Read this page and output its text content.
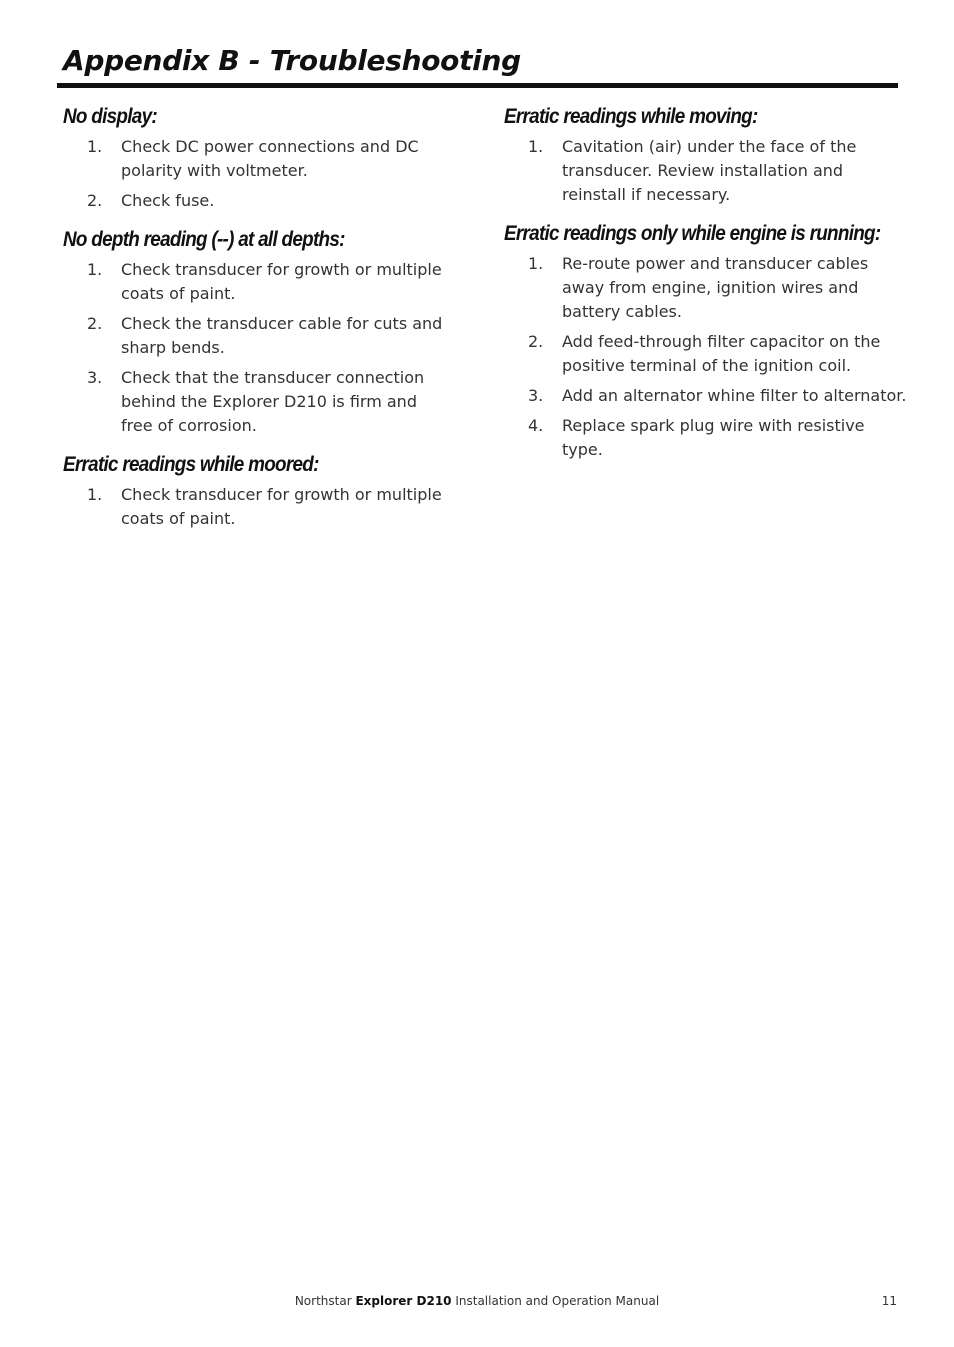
Appendix B - Troubleshooting
No display:
1.	Check DC power connections and DC polarity with voltmeter.
2.	Check fuse.
No depth reading (--) at all depths:
1.	Check transducer for growth or multiple coats of paint.
2.	Check the transducer cable for cuts and sharp bends.
3.	Check that the transducer connection behind the Explorer D210 is firm and free of corrosion.
Erratic readings while moored:
1.	Check transducer for growth or multiple coats of paint.
Erratic readings while moving:
1.	Cavitation (air) under the face of the transducer. Review installation and reinstall if necessary.
Erratic readings only while engine is running:
1.	Re-route power and transducer cables away from engine, ignition wires and battery cables.
2.	Add feed-through filter capacitor on the positive terminal of the ignition coil.
3.	Add an alternator whine filter to alternator.
4.	Replace spark plug wire with resistive type.
Northstar Explorer D210 Installation and Operation Manual	11
